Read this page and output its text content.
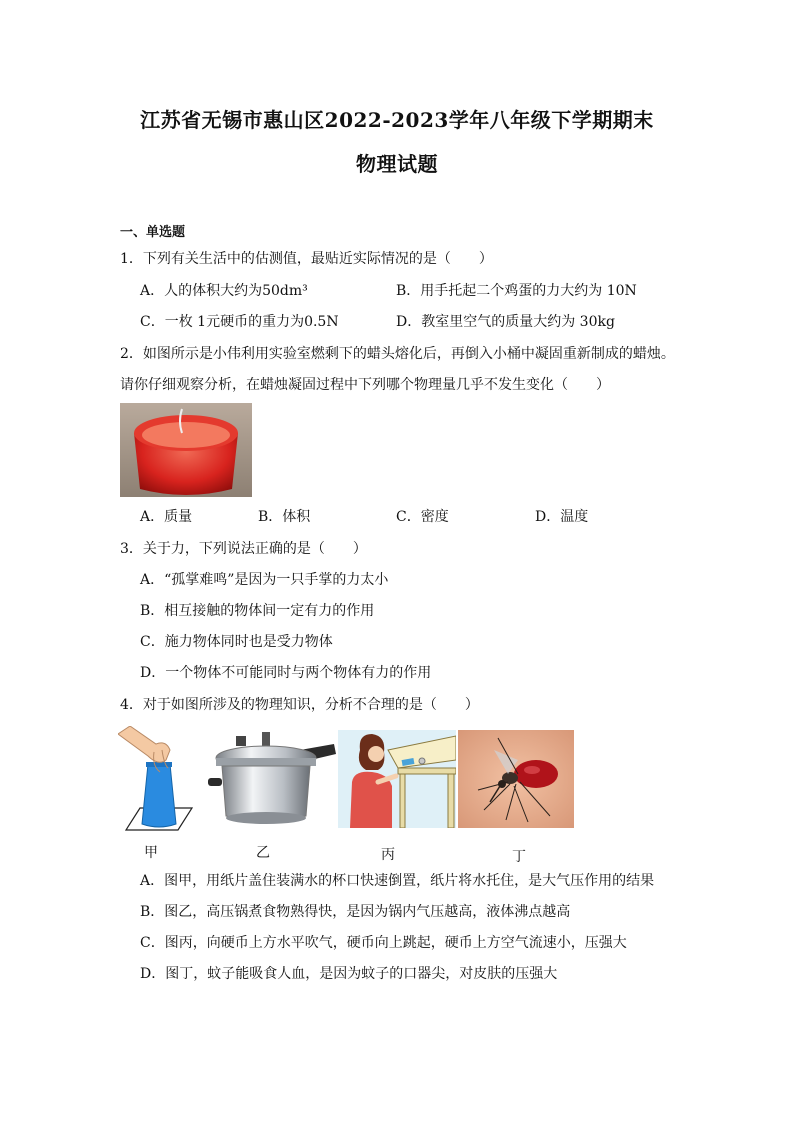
江苏省无锡市惠山区2022-2023学年八年级下学期期末
物理试题
一、单选题
1．下列有关生活中的估测值，最贴近实际情况的是（　　）
A．人的体积大约为50dm³	B．用手托起二个鸡蛋的力大约为 10N
C．一枚 1元硬币的重力为0.5N	D．教室里空气的质量大约为 30kg
2．如图所示是小伟利用实验室燃剩下的蜡头熔化后，再倒入小桶中凝固重新制成的蜡烛。
请你仔细观察分析，在蜡烛凝固过程中下列哪个物理量几乎不发生变化（　　）
A．质量	B．体积	C．密度	D．温度
3．关于力，下列说法正确的是（　　）
A．“孤掌难鸣”是因为一只手掌的力太小
B．相互接触的物体间一定有力的作用
C．施力物体同时也是受力物体
D．一个物体不可能同时与两个物体有力的作用
4．对于如图所涉及的物理知识，分析不合理的是（　　）
甲	乙	丙	丁
A．图甲，用纸片盖住装满水的杯口快速倒置，纸片将水托住，是大气压作用的结果
B．图乙，高压锅煮食物熟得快，是因为锅内气压越高，液体沸点越高
C．图丙，向硬币上方水平吹气，硬币向上跳起，硬币上方空气流速小，压强大
D．图丁，蚊子能吸食人血，是因为蚊子的口器尖，对皮肤的压强大
